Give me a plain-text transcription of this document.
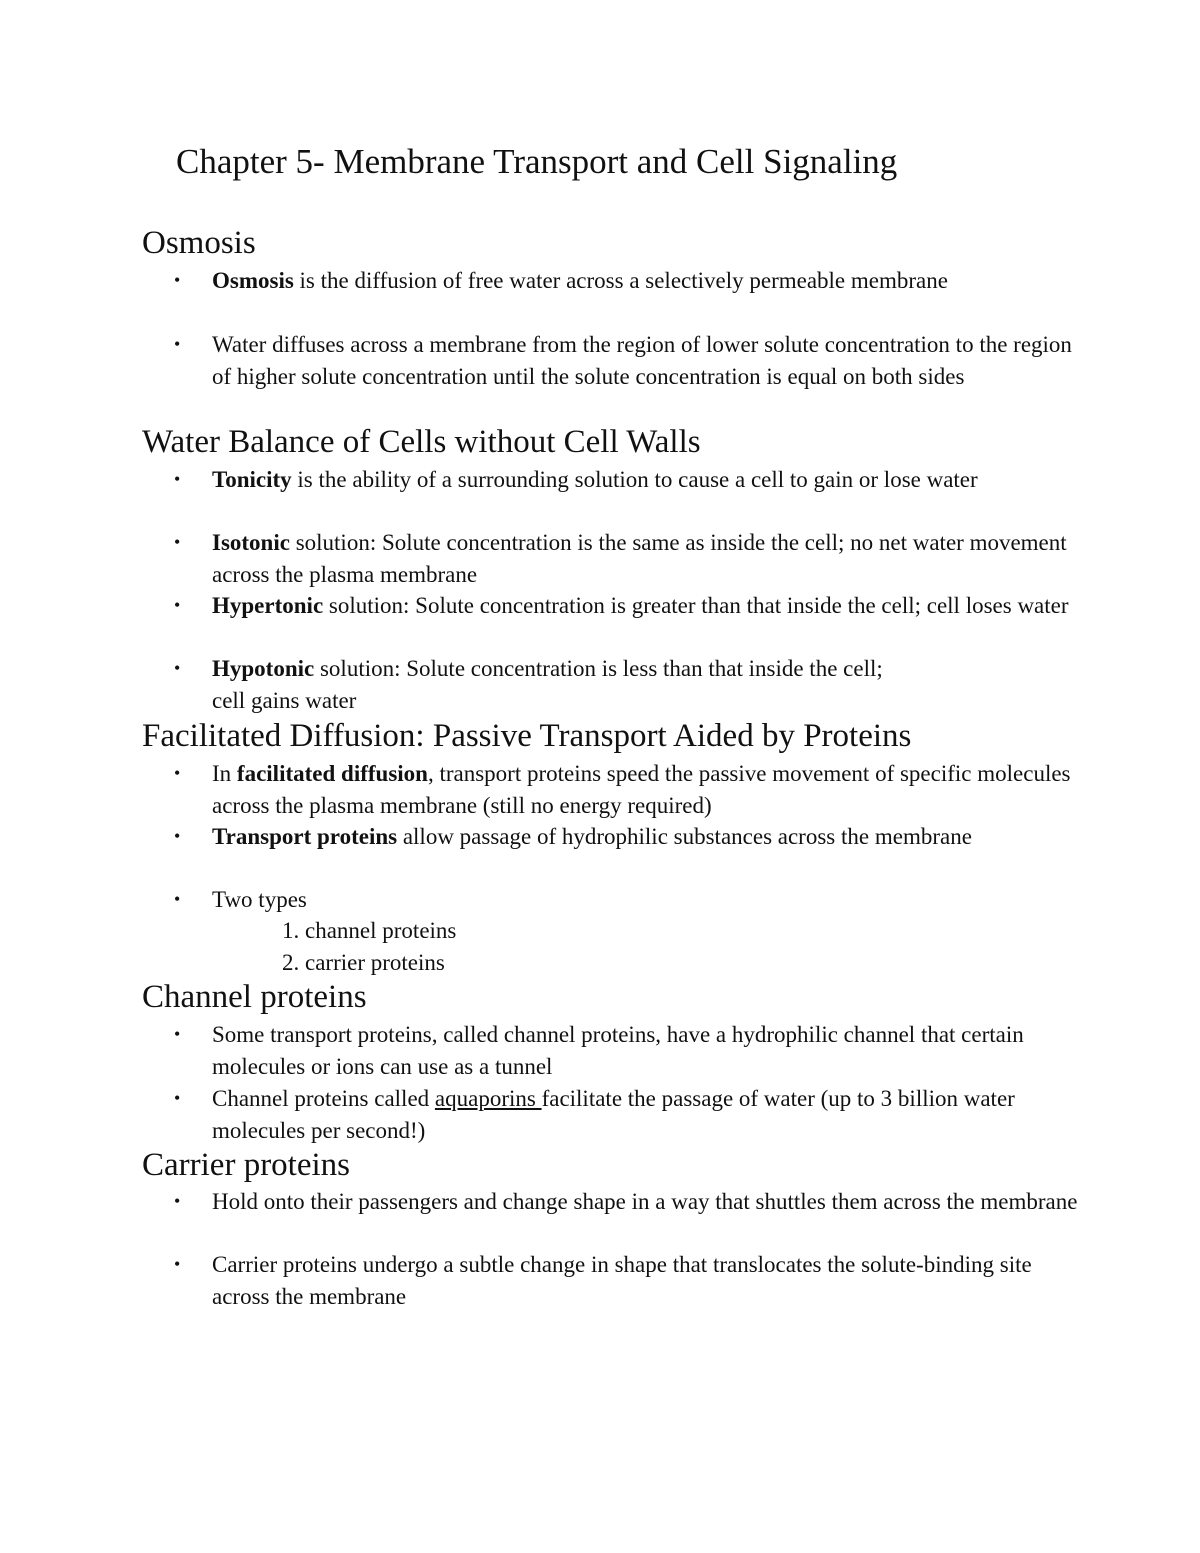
Chapter 5- Membrane Transport and Cell Signaling
Osmosis

• Osmosis is the diffusion of free water across a selectively permeable membrane

• Water diffuses across a membrane from the region of lower solute concentration to the region of higher solute concentration until the solute concentration is equal on both sides

Water Balance of Cells without Cell Walls

• Tonicity is the ability of a surrounding solution to cause a cell to gain or lose water

• Isotonic solution: Solute concentration is the same as inside the cell; no net water movement across the plasma membrane

• Hypertonic solution: Solute concentration is greater than that inside the cell; cell loses water

• Hypotonic solution: Solute concentration is less than that inside the cell;
cell gains water

Facilitated Diffusion: Passive Transport Aided by Proteins

• In facilitated diffusion, transport proteins speed the passive movement of specific molecules across the plasma membrane (still no energy required)

• Transport proteins allow passage of hydrophilic substances across the membrane

• Two types

1. channel proteins

2. carrier proteins

Channel proteins

• Some transport proteins, called channel proteins, have a hydrophilic channel that certain molecules or ions can use as a tunnel

• Channel proteins called aquaporins facilitate the passage of water (up to 3 billion water molecules per second!)

Carrier proteins

• Hold onto their passengers and change shape in a way that shuttles them across the membrane

• Carrier proteins undergo a subtle change in shape that translocates the solute-binding site across the membrane
